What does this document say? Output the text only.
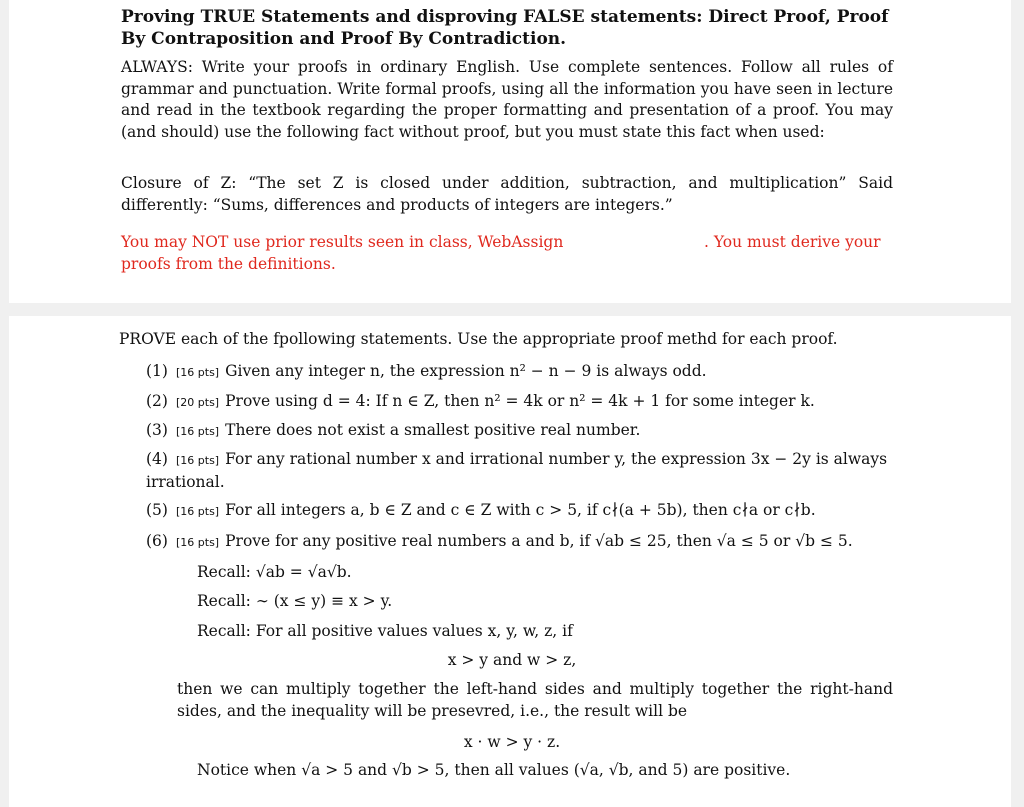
Proving TRUE Statements and disproving FALSE statements: Direct Proof, Proof By Contraposition and Proof By Contradiction.

ALWAYS: Write your proofs in ordinary English. Use complete sentences. Follow all rules of grammar and punctuation. Write formal proofs, using all the information you have seen in lecture and read in the textbook regarding the proper formatting and presentation of a proof. You may (and should) use the following fact without proof, but you must state this fact when used:

Closure of Z: “The set Z is closed under addition, subtraction, and multiplication” Said differently: “Sums, differences and products of integers are integers.”

You may NOT use prior results seen in class, WebAssign	. You must derive your
proofs from the definitions.
PROVE each of the fpollowing statements. Use the appropriate proof methd for each proof.
(1) [16 pts] Given any integer n, the expression n² − n − 9 is always odd.
(2) [20 pts] Prove using d = 4: If n ∈ Z, then n² = 4k or n² = 4k + 1 for some integer k.
(3) [16 pts] There does not exist a smallest positive real number.
(4) [16 pts] For any rational number x and irrational number y, the expression 3x − 2y is always irrational.
(5) [16 pts] For all integers a, b ∈ Z and c ∈ Z with c > 5, if c∤(a + 5b), then c∤a or c∤b.
(6) [16 pts] Prove for any positive real numbers a and b, if √ab ≤ 25, then √a ≤ 5 or √b ≤ 5.
Recall: √ab = √a√b.
Recall: ∼ (x ≤ y) ≡ x > y.
Recall: For all positive values values x, y, w, z, if
x > y and w > z,
then we can multiply together the left-hand sides and multiply together the right-hand sides, and the inequality will be presevred, i.e., the result will be
x · w > y · z.
Notice when √a > 5 and √b > 5, then all values (√a, √b, and 5) are positive.
